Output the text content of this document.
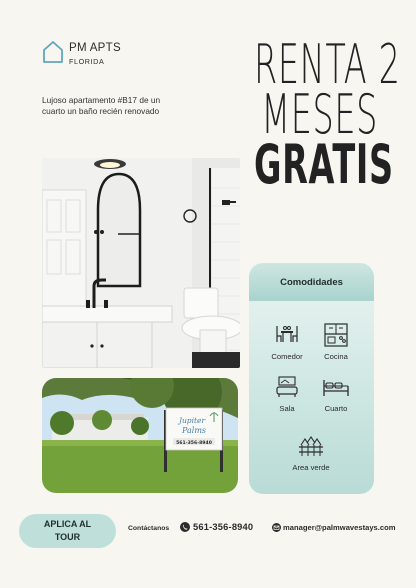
PM APTS
FLORIDA

Lujoso apartamento #B17 de un cuarto un baño recién renovado

RENTA 2
MESES
GRATIS
Jupiter
Palms
561-356-8940
Comodidades
Comedor	Cocina
Sala	Cuarto
Area verde
APLICA AL
TOUR
Contáctanos	561-356-8940	manager@palmwavestays.com
